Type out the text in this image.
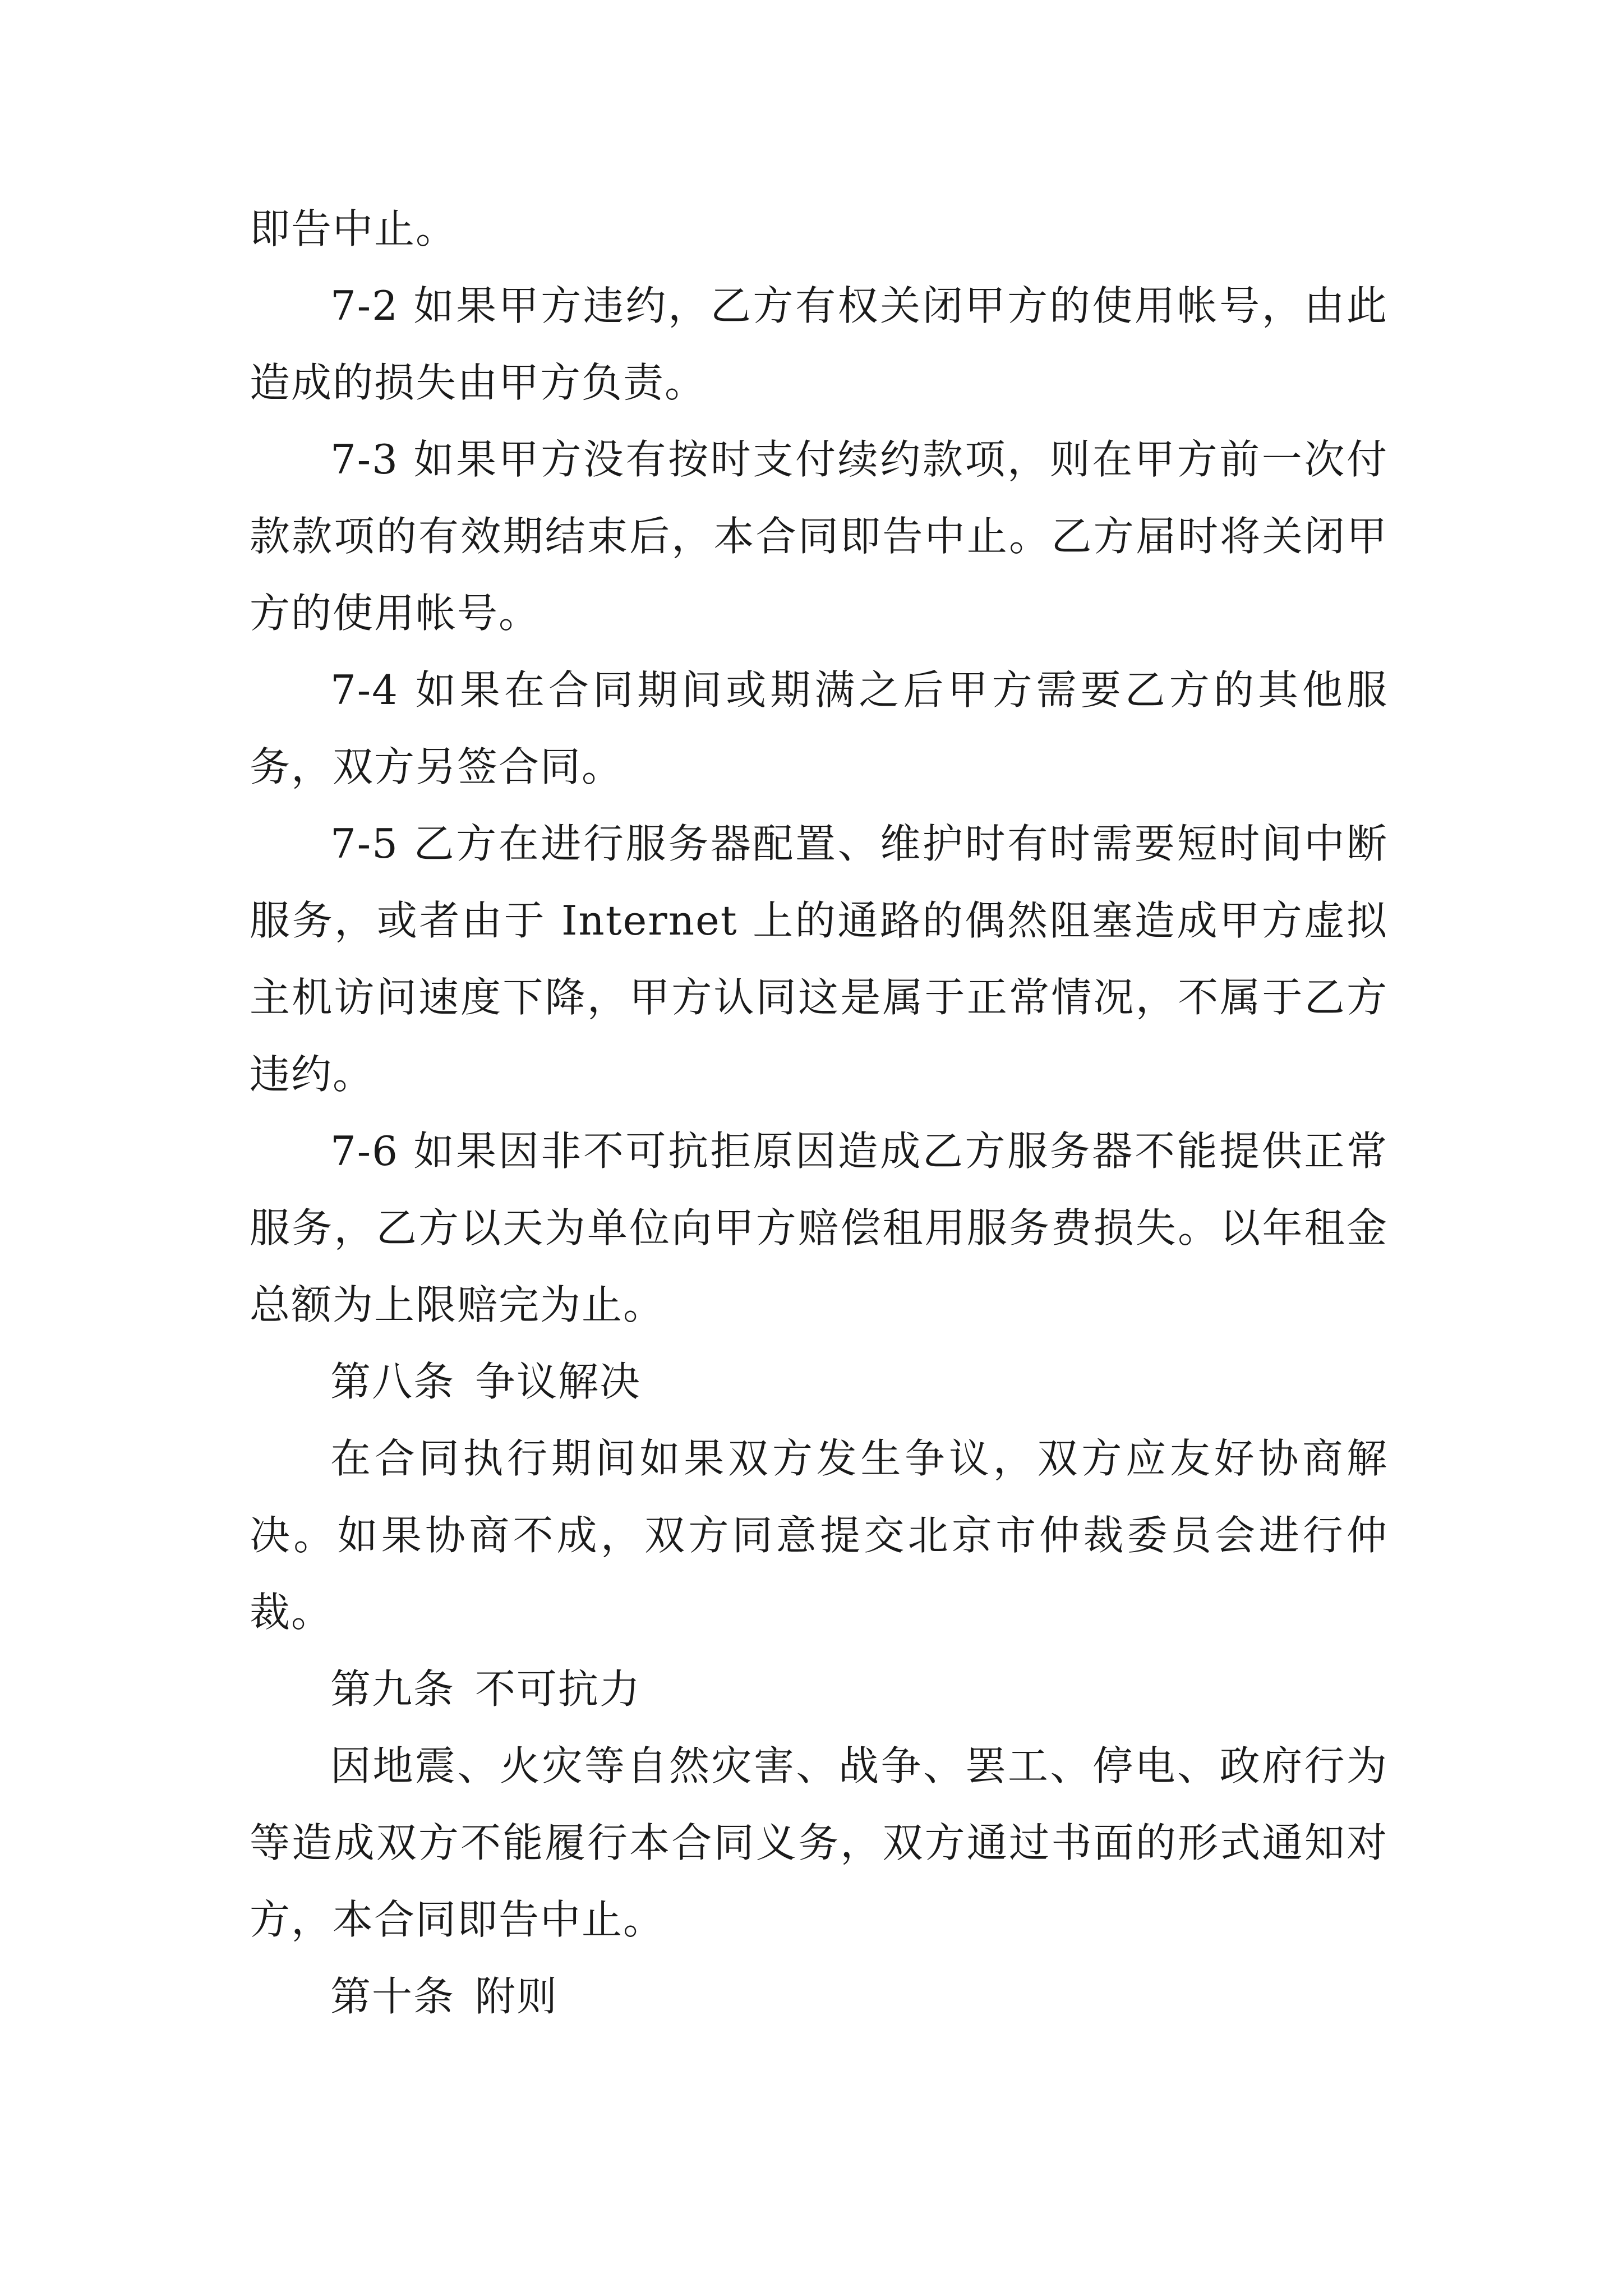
即告中止。

7-2 如果甲方违约，乙方有权关闭甲方的使用帐号，由此造成的损失由甲方负责。

7-3 如果甲方没有按时支付续约款项，则在甲方前一次付款款项的有效期结束后，本合同即告中止。乙方届时将关闭甲方的使用帐号。

7-4 如果在合同期间或期满之后甲方需要乙方的其他服务，双方另签合同。

7-5 乙方在进行服务器配置、维护时有时需要短时间中断服务，或者由于 Internet 上的通路的偶然阻塞造成甲方虚拟主机访问速度下降，甲方认同这是属于正常情况，不属于乙方违约。

7-6 如果因非不可抗拒原因造成乙方服务器不能提供正常服务，乙方以天为单位向甲方赔偿租用服务费损失。以年租金总额为上限赔完为止。

第八条 争议解决

在合同执行期间如果双方发生争议，双方应友好协商解决。如果协商不成，双方同意提交北京市仲裁委员会进行仲裁。

第九条 不可抗力

因地震、火灾等自然灾害、战争、罢工、停电、政府行为等造成双方不能履行本合同义务，双方通过书面的形式通知对方，本合同即告中止。

第十条 附则
